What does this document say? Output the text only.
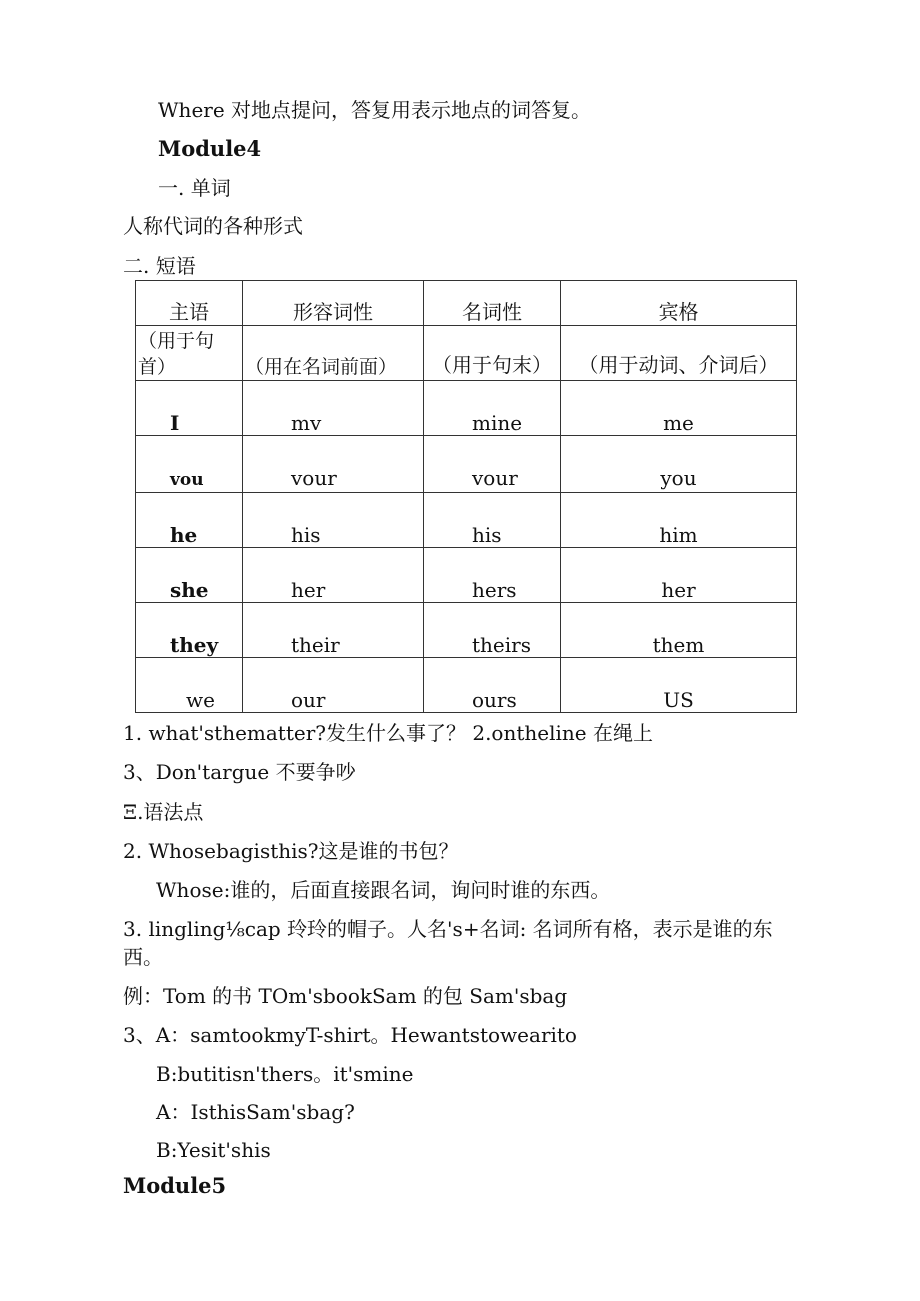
Where 对地点提问，答复用表示地点的词答复。
Module4
一. 单词
人称代词的各种形式
二. 短语
主语	形容词性	名词性	宾格

（用于句首）	（用在名词前面）	（用于句末）	（用于动词、介词后）

I	mv	mine	me
vou	vour	vour	you
he	his	his	him
she	her	hers	her
they	their	theirs	them
we	our	ours	US
1. what'sthematter?发生什么事了？ 2.ontheline 在绳上
3、Don'targue 不要争吵
Ξ.语法点
2. Whosebagisthis?这是谁的书包？
Whose:谁的，后面直接跟名词，询问时谁的东西。
3. lingling⅛cap 玲玲的帽子。人名's+名词: 名词所有格，表示是谁的东
西。
例：Tom 的书 TOm'sbookSam 的包 Sam'sbag
3、A：samtookmyT-shirt。Hewantstowearito
B:butitisn'thers。it'smine
A：IsthisSam'sbag?
B:Yesit'shis
Module5
